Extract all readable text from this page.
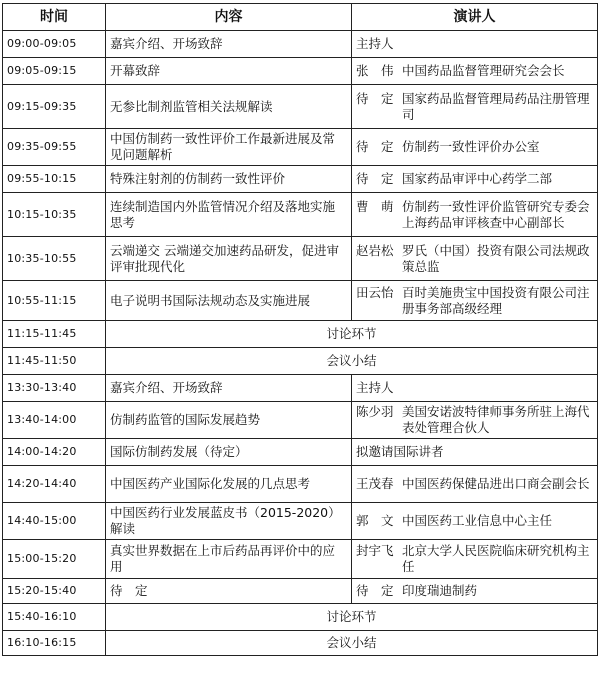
时间	内容	演讲人
09:00-09:05	嘉宾介绍、开场致辞	主持人
09:05-09:15	开幕致辞	张　伟 中国药品监督管理研究会会长

09:15-09:35	无参比制剂监管相关法规解读	待　定 国家药品监督管理局药品注册管理司

09:35-09:55	中国仿制药一致性评价工作最新进展及常见问题解析	待　定 仿制药一致性评价办公室

09:55-10:15	特殊注射剂的仿制药一致性评价	待　定 国家药品审评中心药学二部

10:15-10:35	连续制造国内外监管情况介绍及落地实施思考	曹　萌 仿制药一致性评价监管研究专委会上海药品审评核查中心副部长

10:35-10:55	云端递交 云端递交加速药品研发，促进审评审批现代化	赵岩松 罗氏（中国）投资有限公司法规政策总监

10:55-11:15	电子说明书国际法规动态及实施进展	田云怡 百时美施贵宝中国投资有限公司注册事务部高级经理

11:15-11:45	讨论环节	
11:45-11:50	会议小结	
13:30-13:40	嘉宾介绍、开场致辞	主持人
13:40-14:00	仿制药监管的国际发展趋势	陈少羽 美国安诺波特律师事务所驻上海代表处管理合伙人

14:00-14:20	国际仿制药发展（待定）	拟邀请国际讲者
14:20-14:40	中国医药产业国际化发展的几点思考	王茂春 中国医药保健品进出口商会副会长

14:40-15:00	中国医药行业发展蓝皮书（2015-2020）解读	郭　文 中国医药工业信息中心主任

15:00-15:20	真实世界数据在上市后药品再评价中的应用	封宇飞 北京大学人民医院临床研究机构主任

15:20-15:40	待　定	待　定 印度瑞迪制药

15:40-16:10	讨论环节	
16:10-16:15	会议小结	
